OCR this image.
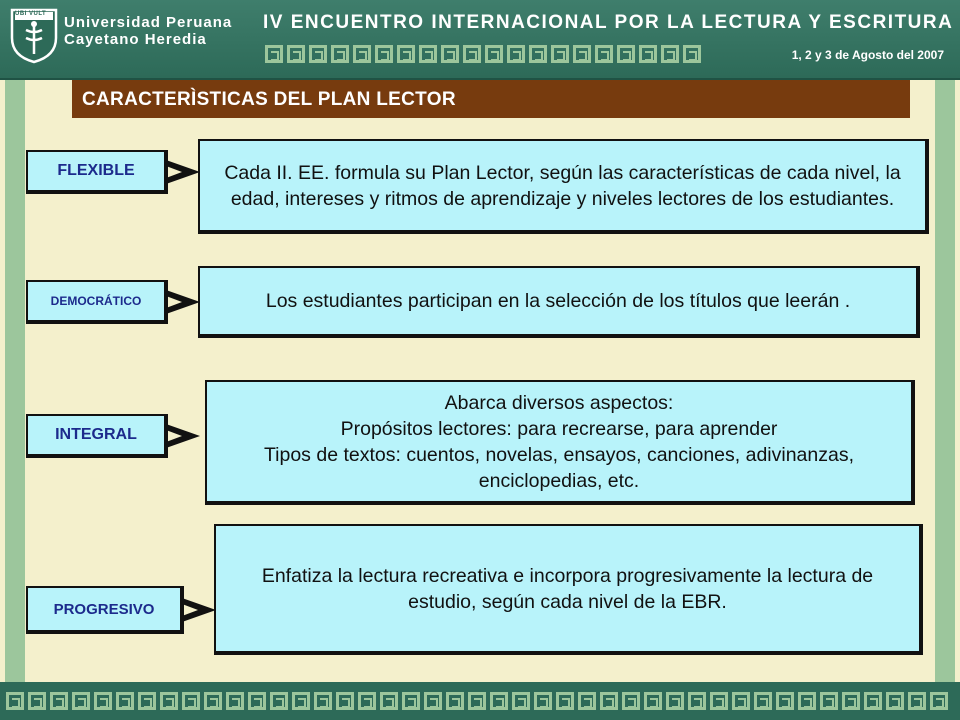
UBI VULT Universidad Peruana
Cayetano Heredia
IV ENCUENTRO INTERNACIONAL POR LA LECTURA Y ESCRITURA
1, 2 y 3 de Agosto del 2007
CARACTERÌSTICAS DEL PLAN LECTOR
FLEXIBLE	Cada II. EE. formula su Plan Lector, según las características de cada nivel, la edad, intereses y ritmos de aprendizaje y niveles lectores de los estudiantes.
DEMOCRÁTICO	Los estudiantes participan en la selección de los títulos que leerán .
INTEGRAL
Abarca diversos aspectos:
Propósitos lectores: para recrearse, para aprender
Tipos de textos: cuentos, novelas, ensayos, canciones, adivinanzas, enciclopedias, etc.
PROGRESIVO
Enfatiza la lectura recreativa e incorpora progresivamente la lectura de estudio, según cada nivel de la EBR.
